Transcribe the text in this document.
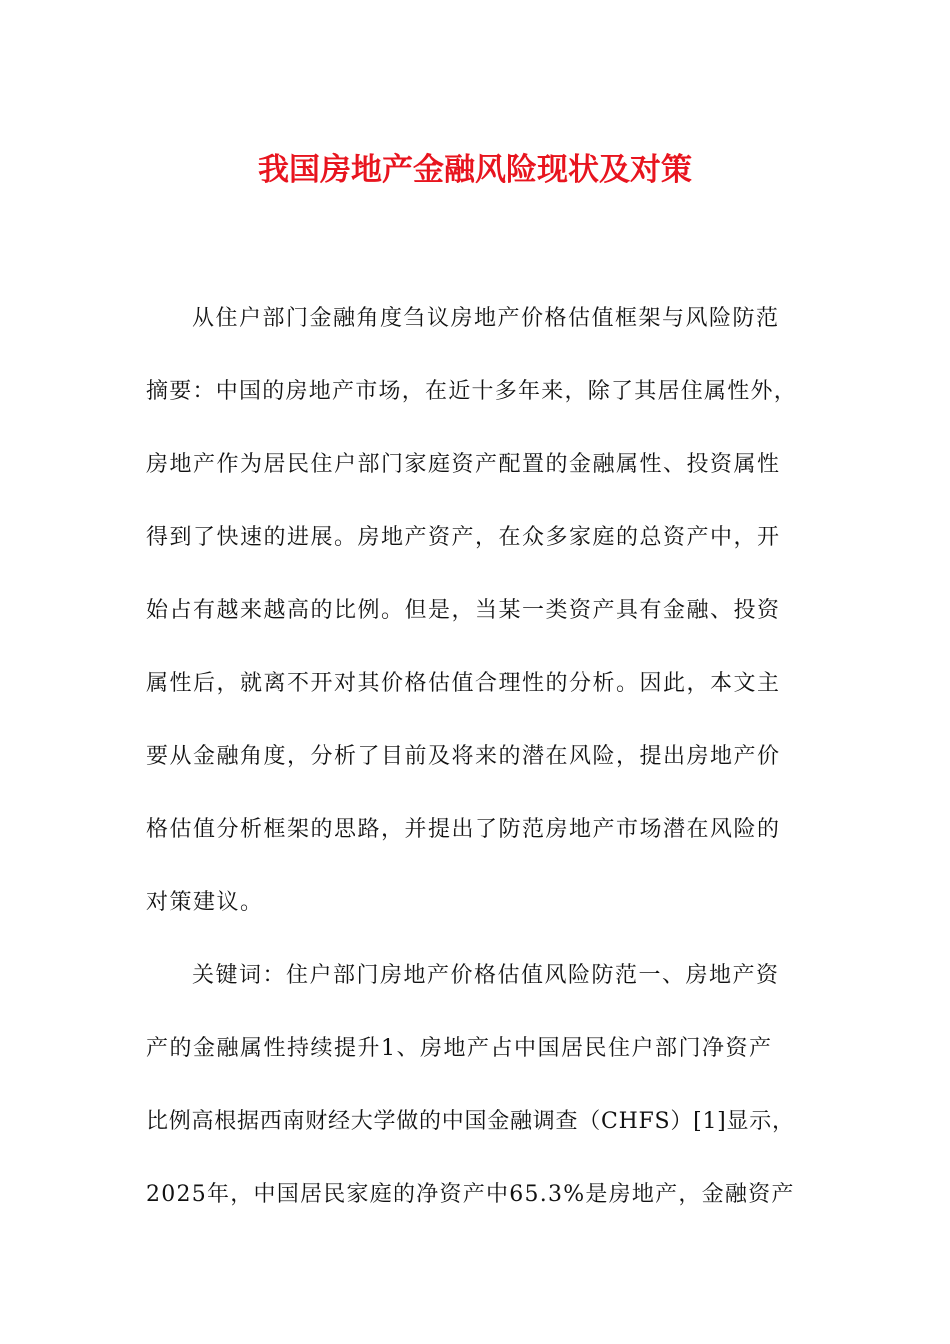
我国房地产金融风险现状及对策
从住户部门金融角度刍议房地产价格估值框架与风险防范
摘要：中国的房地产市场，在近十多年来，除了其居住属性外，
房地产作为居民住户部门家庭资产配置的金融属性、投资属性
得到了快速的进展。房地产资产，在众多家庭的总资产中，开
始占有越来越高的比例。但是，当某一类资产具有金融、投资
属性后，就离不开对其价格估值合理性的分析。因此，本文主
要从金融角度，分析了目前及将来的潜在风险，提出房地产价
格估值分析框架的思路，并提出了防范房地产市场潜在风险的
对策建议。
关键词：住户部门房地产价格估值风险防范一、房地产资
产的金融属性持续提升1、房地产占中国居民住户部门净资产
比例高根据西南财经大学做的中国金融调查（CHFS）[1]显示，
2025年，中国居民家庭的净资产中65.3%是房地产，金融资产
